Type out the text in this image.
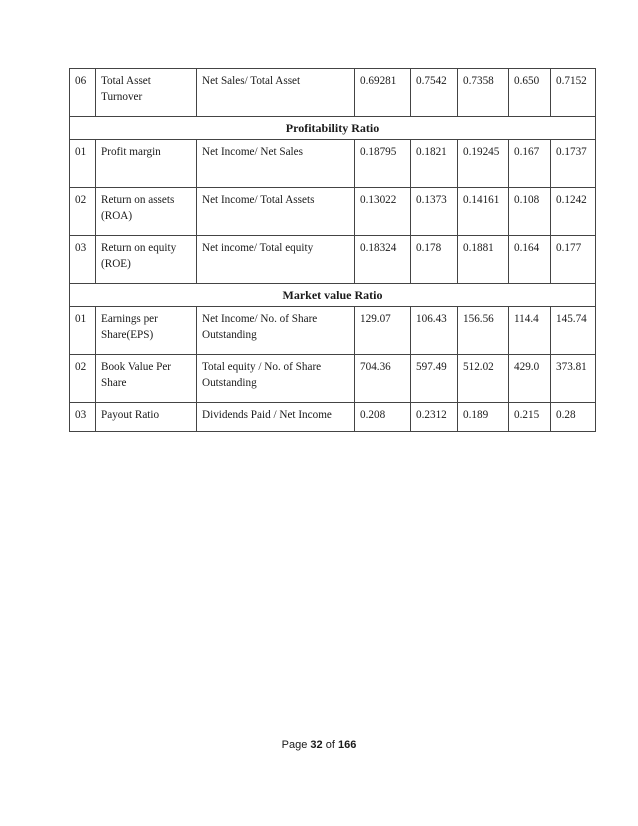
06	Total Asset Turnover	Net Sales/ Total Asset	0.69281	0.7542	0.7358	0.650	0.7152
Profitability Ratio							
01	Profit margin	Net Income/ Net Sales	0.18795	0.1821	0.19245	0.167	0.1737
02	Return on assets (ROA)	Net Income/ Total Assets	0.13022	0.1373	0.14161	0.108	0.1242
03	Return on equity (ROE)	Net income/ Total equity	0.18324	0.178	0.1881	0.164	0.177
Market value Ratio							
01	Earnings per Share(EPS)	Net Income/ No. of Share Outstanding	129.07	106.43	156.56	114.4	145.74
02	Book Value Per Share	Total equity / No. of Share Outstanding	704.36	597.49	512.02	429.0	373.81
03	Payout Ratio	Dividends Paid / Net Income	0.208	0.2312	0.189	0.215	0.28
Page 32 of 166
